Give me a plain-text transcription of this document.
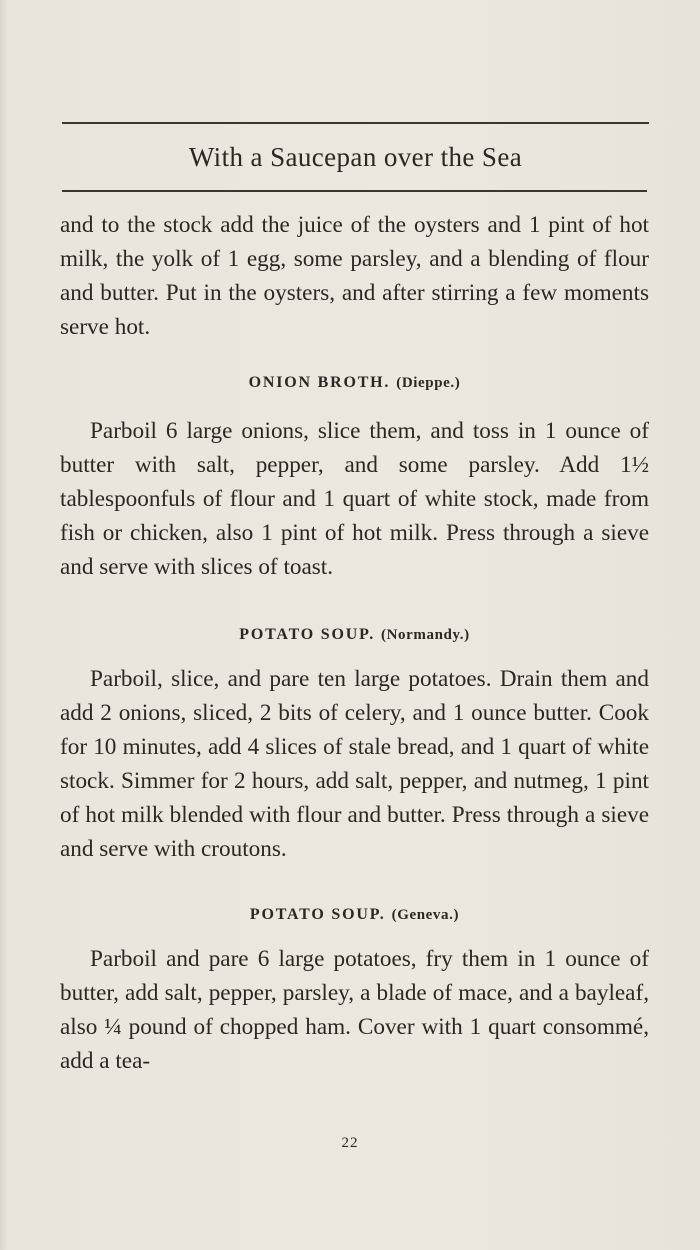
With a Saucepan over the Sea

and to the stock add the juice of the oysters and 1 pint of hot milk, the yolk of 1 egg, some parsley, and a blending of flour and butter. Put in the oysters, and after stirring a few moments serve hot.

ONION BROTH. (Dieppe.)

Parboil 6 large onions, slice them, and toss in 1 ounce of butter with salt, pepper, and some parsley. Add 1½ tablespoonfuls of flour and 1 quart of white stock, made from fish or chicken, also 1 pint of hot milk. Press through a sieve and serve with slices of toast.

POTATO SOUP. (Normandy.)

Parboil, slice, and pare ten large potatoes. Drain them and add 2 onions, sliced, 2 bits of celery, and 1 ounce butter. Cook for 10 minutes, add 4 slices of stale bread, and 1 quart of white stock. Simmer for 2 hours, add salt, pepper, and nutmeg, 1 pint of hot milk blended with flour and butter. Press through a sieve and serve with croutons.

POTATO SOUP. (Geneva.)

Parboil and pare 6 large potatoes, fry them in 1 ounce of butter, add salt, pepper, parsley, a blade of mace, and a bayleaf, also ¼ pound of chopped ham. Cover with 1 quart consommé, add a tea-

22
